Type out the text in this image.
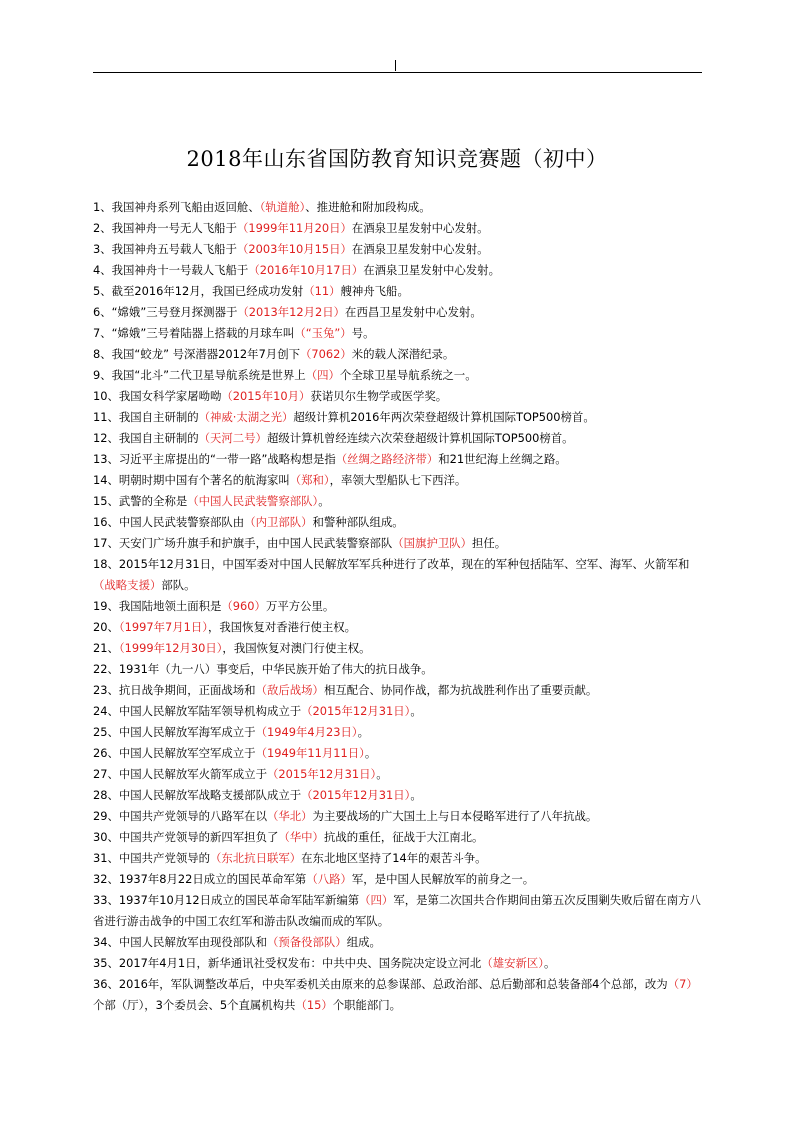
2018年山东省国防教育知识竞赛题（初中）
1、我国神舟系列飞船由返回舱、（轨道舱）、推进舱和附加段构成。
2、我国神舟一号无人飞船于（1999年11月20日）在酒泉卫星发射中心发射。
3、我国神舟五号载人飞船于（2003年10月15日）在酒泉卫星发射中心发射。
4、我国神舟十一号载人飞船于（2016年10月17日）在酒泉卫星发射中心发射。
5、截至2016年12月，我国已经成功发射（11）艘神舟飞船。
6、“嫦娥”三号登月探测器于（2013年12月2日）在西昌卫星发射中心发射。
7、“嫦娥”三号着陆器上搭载的月球车叫（“玉兔”）号。
8、我国“蛟龙” 号深潜器2012年7月创下（7062）米的载人深潜纪录。
9、我国“北斗”二代卫星导航系统是世界上（四）个全球卫星导航系统之一。
10、我国女科学家屠呦呦（2015年10月）获诺贝尔生物学或医学奖。
11、我国自主研制的（神威·太湖之光）超级计算机2016年两次荣登超级计算机国际TOP500榜首。
12、我国自主研制的（天河二号）超级计算机曾经连续六次荣登超级计算机国际TOP500榜首。
13、习近平主席提出的“一带一路”战略构想是指（丝绸之路经济带）和21世纪海上丝绸之路。
14、明朝时期中国有个著名的航海家叫（郑和），率领大型船队七下西洋。
15、武警的全称是（中国人民武装警察部队）。
16、中国人民武装警察部队由（内卫部队）和警种部队组成。
17、天安门广场升旗手和护旗手，由中国人民武装警察部队（国旗护卫队）担任。
18、2015年12月31日，中国军委对中国人民解放军军兵种进行了改革，现在的军种包括陆军、空军、海军、火箭军和（战略支援）部队。
19、我国陆地领土面积是（960）万平方公里。
20、（1997年7月1日），我国恢复对香港行使主权。
21、（1999年12月30日），我国恢复对澳门行使主权。
22、1931年（九一八）事变后，中华民族开始了伟大的抗日战争。
23、抗日战争期间，正面战场和（敌后战场）相互配合、协同作战，都为抗战胜利作出了重要贡献。
24、中国人民解放军陆军领导机构成立于（2015年12月31日）。
25、中国人民解放军海军成立于（1949年4月23日）。
26、中国人民解放军空军成立于（1949年11月11日）。
27、中国人民解放军火箭军成立于（2015年12月31日）。
28、中国人民解放军战略支援部队成立于（2015年12月31日）。
29、中国共产党领导的八路军在以（华北）为主要战场的广大国土上与日本侵略军进行了八年抗战。
30、中国共产党领导的新四军担负了（华中）抗战的重任，征战于大江南北。
31、中国共产党领导的（东北抗日联军）在东北地区坚持了14年的艰苦斗争。
32、1937年8月22日成立的国民革命军第（八路）军，是中国人民解放军的前身之一。
33、1937年10月12日成立的国民革命军陆军新编第（四）军，是第二次国共合作期间由第五次反围剿失败后留在南方八省进行游击战争的中国工农红军和游击队改编而成的军队。
34、中国人民解放军由现役部队和（预备役部队）组成。
35、2017年4月1日，新华通讯社受权发布：中共中央、国务院决定设立河北（雄安新区）。
36、2016年，军队调整改革后，中央军委机关由原来的总参谋部、总政治部、总后勤部和总装备部4个总部，改为（7）个部（厅），3个委员会、5个直属机构共（15）个职能部门。
